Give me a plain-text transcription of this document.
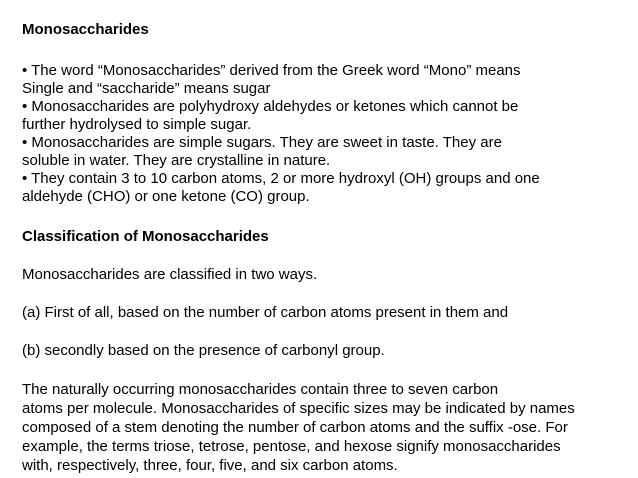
Monosaccharides
• The word “Monosaccharides” derived from the Greek word “Mono” means
Single and “saccharide” means sugar
• Monosaccharides are polyhydroxy aldehydes or ketones which cannot be
further hydrolysed to simple sugar.
• Monosaccharides are simple sugars. They are sweet in taste. They are
soluble in water. They are crystalline in nature.
• They contain 3 to 10 carbon atoms, 2 or more hydroxyl (OH) groups and one
aldehyde (CHO) or one ketone (CO) group.
Classification of Monosaccharides
Monosaccharides are classified in two ways.
(a) First of all, based on the number of carbon atoms present in them and
(b) secondly based on the presence of carbonyl group.
The naturally occurring monosaccharides contain three to seven carbon
atoms per molecule. Monosaccharides of specific sizes may be indicated by names
composed of a stem denoting the number of carbon atoms and the suffix -ose. For
example, the terms triose, tetrose, pentose, and hexose signify monosaccharides
with, respectively, three, four, five, and six carbon atoms.
